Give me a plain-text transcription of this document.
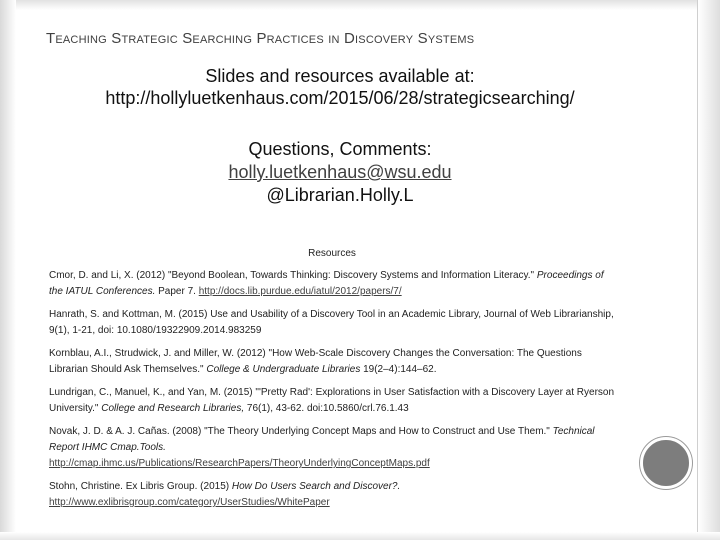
Teaching Strategic Searching Practices in Discovery Systems
Slides and resources available at:
http://hollyluetkenhaus.com/2015/06/28/strategicsearching/
Questions, Comments:
holly.luetkenhaus@wsu.edu
@Librarian.Holly.L
Resources
Cmor, D. and Li, X. (2012) "Beyond Boolean, Towards Thinking: Discovery Systems and Information Literacy." Proceedings of the IATUL Conferences. Paper 7. http://docs.lib.purdue.edu/iatul/2012/papers/7/
Hanrath, S. and Kottman, M. (2015) Use and Usability of a Discovery Tool in an Academic Library, Journal of Web Librarianship, 9(1), 1-21, doi: 10.1080/19322909.2014.983259
Kornblau, A.I., Strudwick, J. and Miller, W. (2012) "How Web-Scale Discovery Changes the Conversation: The Questions Librarian Should Ask Themselves." College & Undergraduate Libraries 19(2–4):144–62.
Lundrigan, C., Manuel, K., and Yan, M. (2015) "'Pretty Rad': Explorations in User Satisfaction with a Discovery Layer at Ryerson University." College and Research Libraries, 76(1), 43-62. doi:10.5860/crl.76.1.43
Novak, J. D. & A. J. Cañas. (2008) "The Theory Underlying Concept Maps and How to Construct and Use Them." Technical Report IHMC Cmap.Tools.
http://cmap.ihmc.us/Publications/ResearchPapers/TheoryUnderlyingConceptMaps.pdf
Stohn, Christine. Ex Libris Group. (2015) How Do Users Search and Discover?.
http://www.exlibrisgroup.com/category/UserStudies/WhitePaper
